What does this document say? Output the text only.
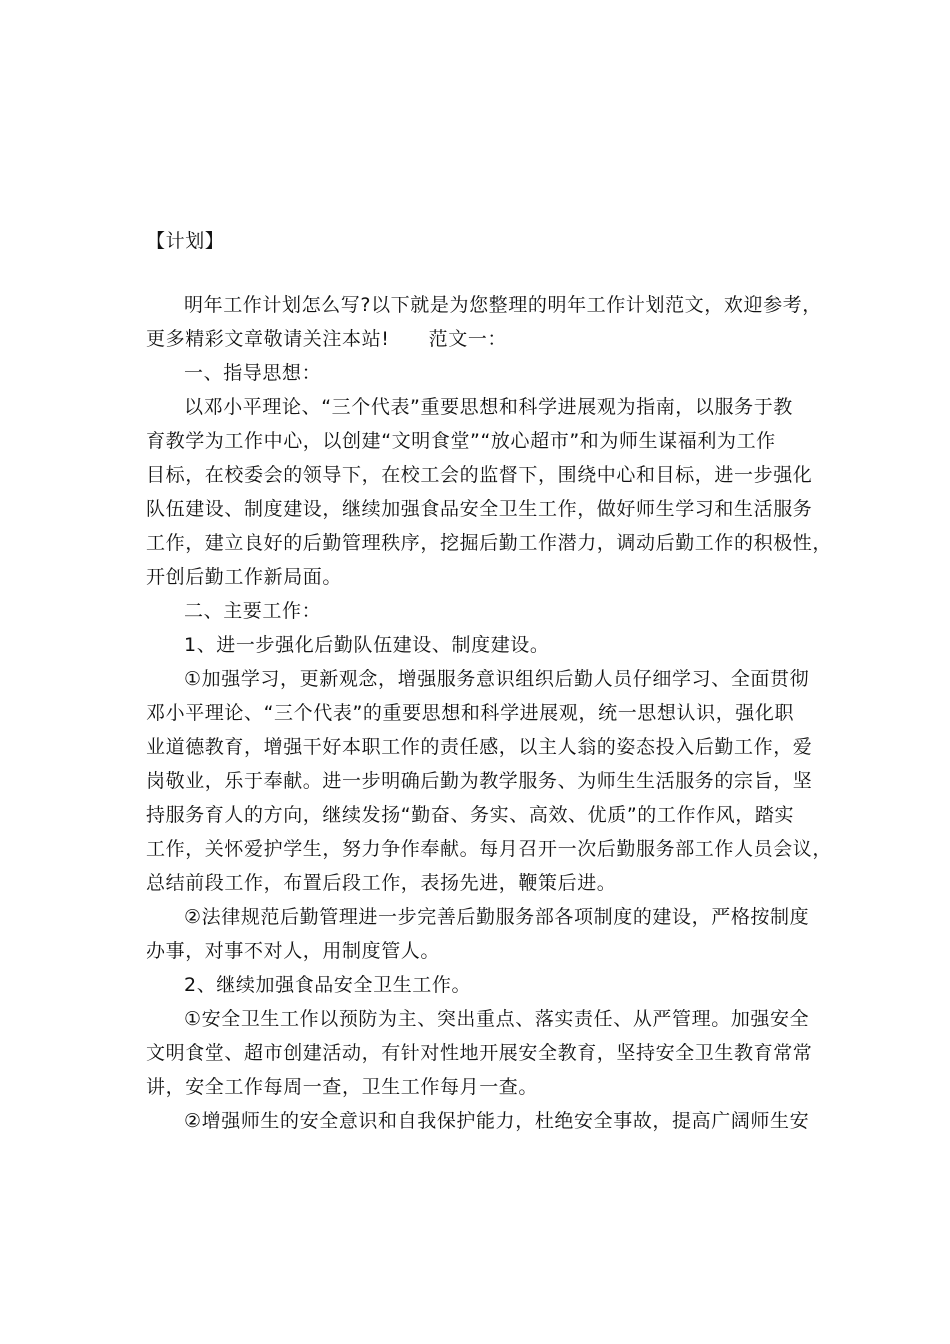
【计划】
明年工作计划怎么写?以下就是为您整理的明年工作计划范文，欢迎参考，
更多精彩文章敬请关注本站!　　范文一：
一、指导思想：
以邓小平理论、“三个代表”重要思想和科学进展观为指南，以服务于教
育教学为工作中心，以创建“文明食堂”“放心超市”和为师生谋福利为工作
目标，在校委会的领导下，在校工会的监督下，围绕中心和目标，进一步强化
队伍建设、制度建设，继续加强食品安全卫生工作，做好师生学习和生活服务
工作，建立良好的后勤管理秩序，挖掘后勤工作潜力，调动后勤工作的积极性，
开创后勤工作新局面。
二、主要工作：
1、进一步强化后勤队伍建设、制度建设。
①加强学习，更新观念，增强服务意识组织后勤人员仔细学习、全面贯彻
邓小平理论、“三个代表”的重要思想和科学进展观，统一思想认识，强化职
业道德教育，增强干好本职工作的责任感，以主人翁的姿态投入后勤工作，爱
岗敬业，乐于奉献。进一步明确后勤为教学服务、为师生生活服务的宗旨，坚
持服务育人的方向，继续发扬“勤奋、务实、高效、优质”的工作作风，踏实
工作，关怀爱护学生，努力争作奉献。每月召开一次后勤服务部工作人员会议，
总结前段工作，布置后段工作，表扬先进，鞭策后进。
②法律规范后勤管理进一步完善后勤服务部各项制度的建设，严格按制度
办事，对事不对人，用制度管人。
2、继续加强食品安全卫生工作。
①安全卫生工作以预防为主、突出重点、落实责任、从严管理。加强安全
文明食堂、超市创建活动，有针对性地开展安全教育，坚持安全卫生教育常常
讲，安全工作每周一查，卫生工作每月一查。
②增强师生的安全意识和自我保护能力，杜绝安全事故，提高广阔师生安
